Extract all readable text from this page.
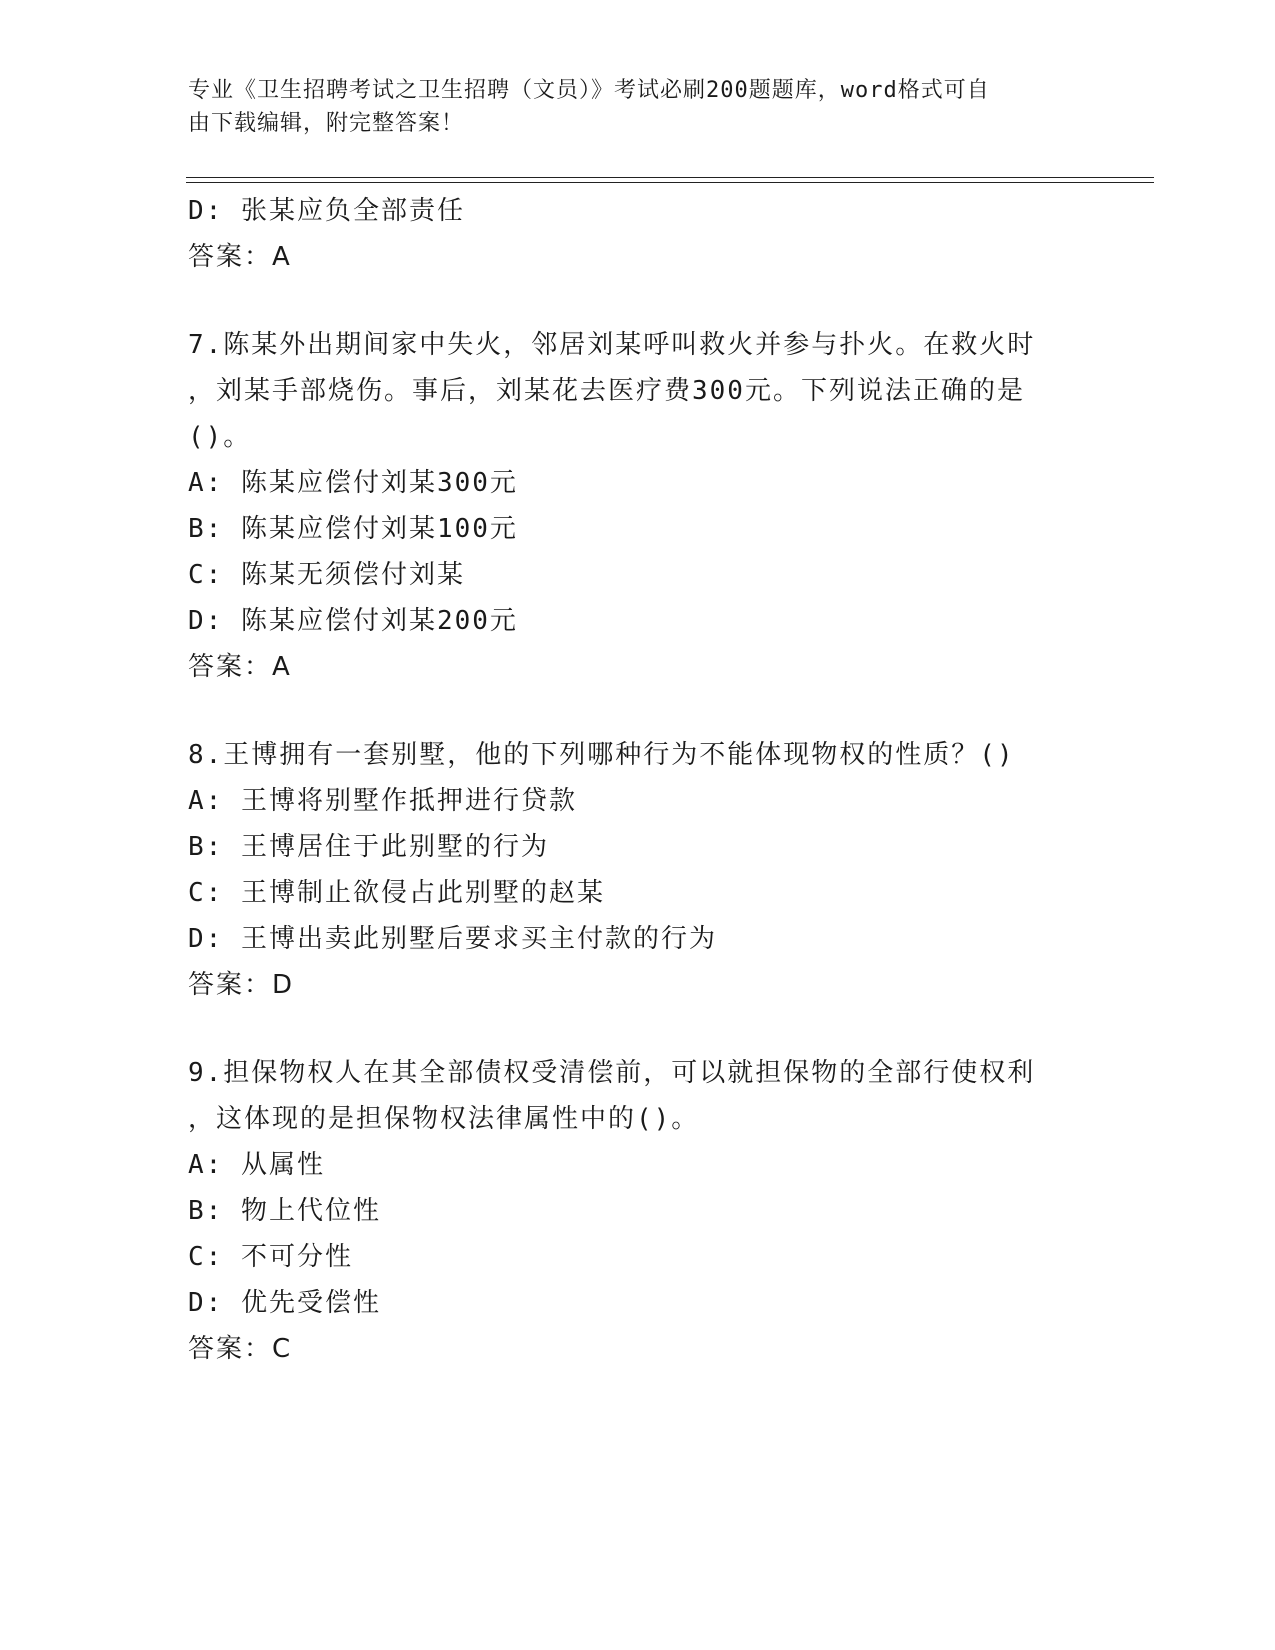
专业《卫生招聘考试之卫生招聘（文员）》考试必刷200题题库，word格式可自
由下载编辑，附完整答案！
D: 张某应负全部责任
答案：A
7.陈某外出期间家中失火，邻居刘某呼叫救火并参与扑火。在救火时
，刘某手部烧伤。事后，刘某花去医疗费300元。下列说法正确的是
()。
A: 陈某应偿付刘某300元
B: 陈某应偿付刘某100元
C: 陈某无须偿付刘某
D: 陈某应偿付刘某200元
答案：A
8.王博拥有一套别墅，他的下列哪种行为不能体现物权的性质？()
A: 王博将别墅作抵押进行贷款
B: 王博居住于此别墅的行为
C: 王博制止欲侵占此别墅的赵某
D: 王博出卖此别墅后要求买主付款的行为
答案：D
9.担保物权人在其全部债权受清偿前，可以就担保物的全部行使权利
，这体现的是担保物权法律属性中的()。
A: 从属性
B: 物上代位性
C: 不可分性
D: 优先受偿性
答案：C
